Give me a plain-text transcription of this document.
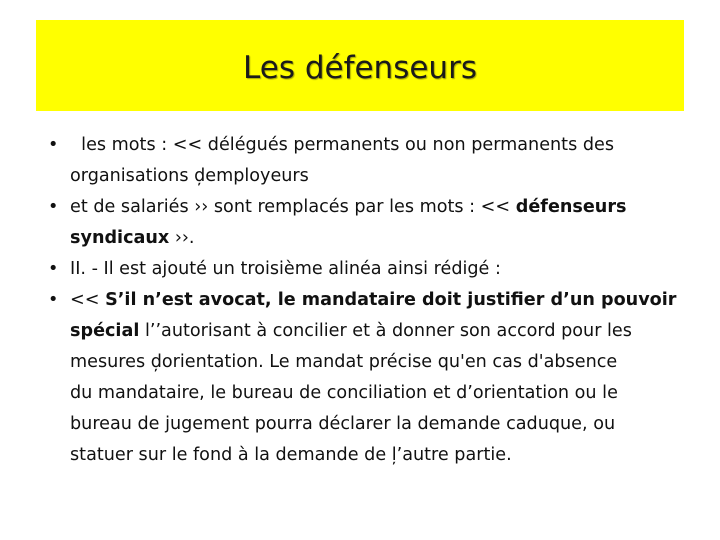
Les défenseurs
• les mots : << délégués permanents ou non permanents des
organisations d̦employeurs
• et de salariés ›› sont remplacés par les mots : << défenseurs
syndicaux ››.
• II. - Il est ajouté un troisième alinéa ainsi rédigé :
• << S’il n’est avocat, le mandataire doit justifier d’un pouvoir
spécial l’’autorisant à concilier et à donner son accord pour les
mesures d̦orientation. Le mandat précise qu'en cas d'absence
du mandataire, le bureau de conciliation et d’orientation ou le
bureau de jugement pourra déclarer la demande caduque, ou
statuer sur le fond à la demande de l̦’autre partie.
